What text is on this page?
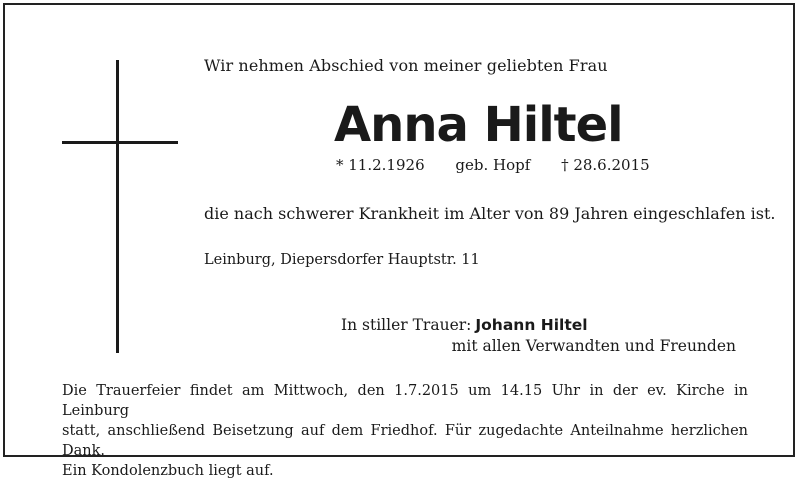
Wir nehmen Abschied von meiner geliebten Frau
Anna Hiltel
* 11.2.1926 geb. Hopf † 28.6.2015
die nach schwerer Krankheit im Alter von 89 Jahren eingeschlafen ist.
Leinburg, Diepersdorfer Hauptstr. 11
In stiller Trauer: Johann Hiltel
mit allen Verwandten und Freunden
Die Trauerfeier findet am Mittwoch, den 1.7.2015 um 14.15 Uhr in der ev. Kirche in Leinburg
statt, anschließend Beisetzung auf dem Friedhof. Für zugedachte Anteilnahme herzlichen Dank.
Ein Kondolenzbuch liegt auf.
